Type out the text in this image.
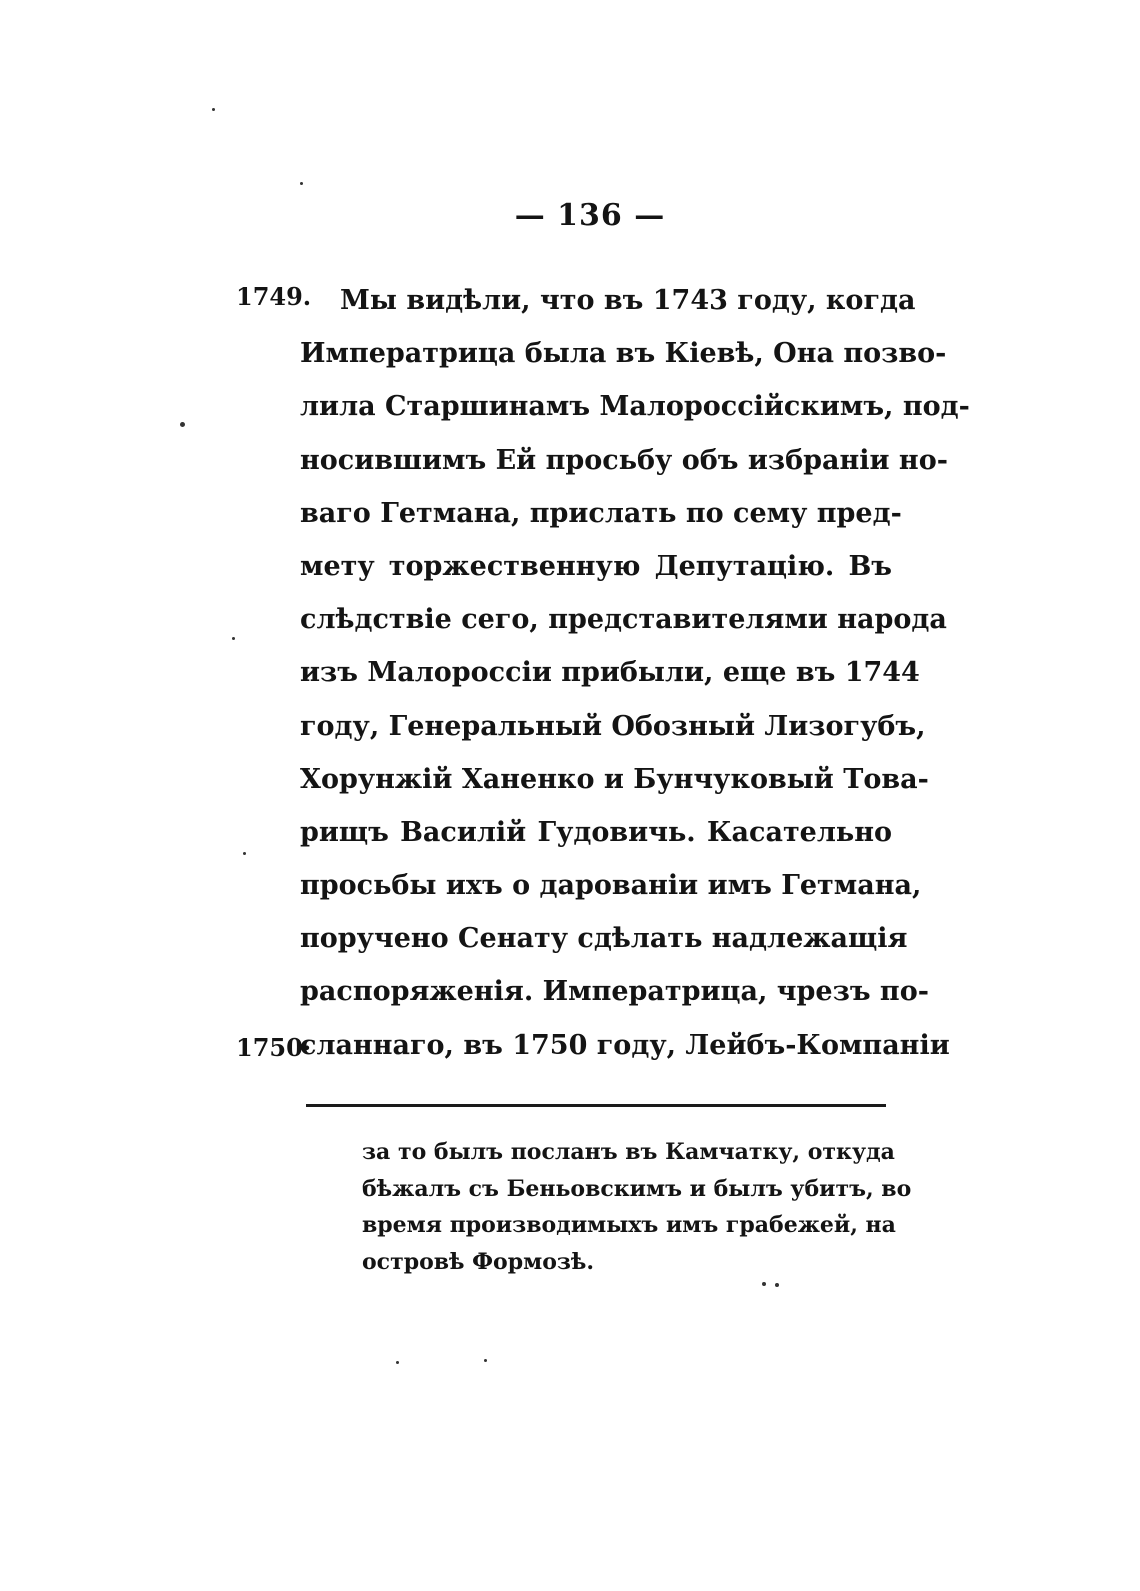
— 136 —
1749.
1750·
Мы видѣли, что въ 1743 году, когда
Императрица была въ Кіевѣ, Она позво-
лила Старшинамъ Малороссійскимъ, под-
носившимъ Ей просьбу объ избраніи но-
ваго Гетмана, прислать по сему пред-
мету торжественную Депутацію. Въ
слѣдствіе сего, представителями народа
изъ Малороссіи прибыли, еще въ 1744
году, Генеральный Обозный Лизогубъ,
Хорунжій Ханенко и Бунчуковый Това-
рищъ Василій Гудовичь. Касательно
просьбы ихъ о дарованіи имъ Гетмана,
поручено Сенату сдѣлать надлежащія
распоряженія. Императрица, чрезъ по-
сланнаго, въ 1750 году, Лейбъ-Компаніи
за то былъ посланъ въ Камчатку, откуда
бѣжалъ съ Беньовскимъ и былъ убитъ, во
время производимыхъ имъ грабежей, на
островѣ Формозѣ.
